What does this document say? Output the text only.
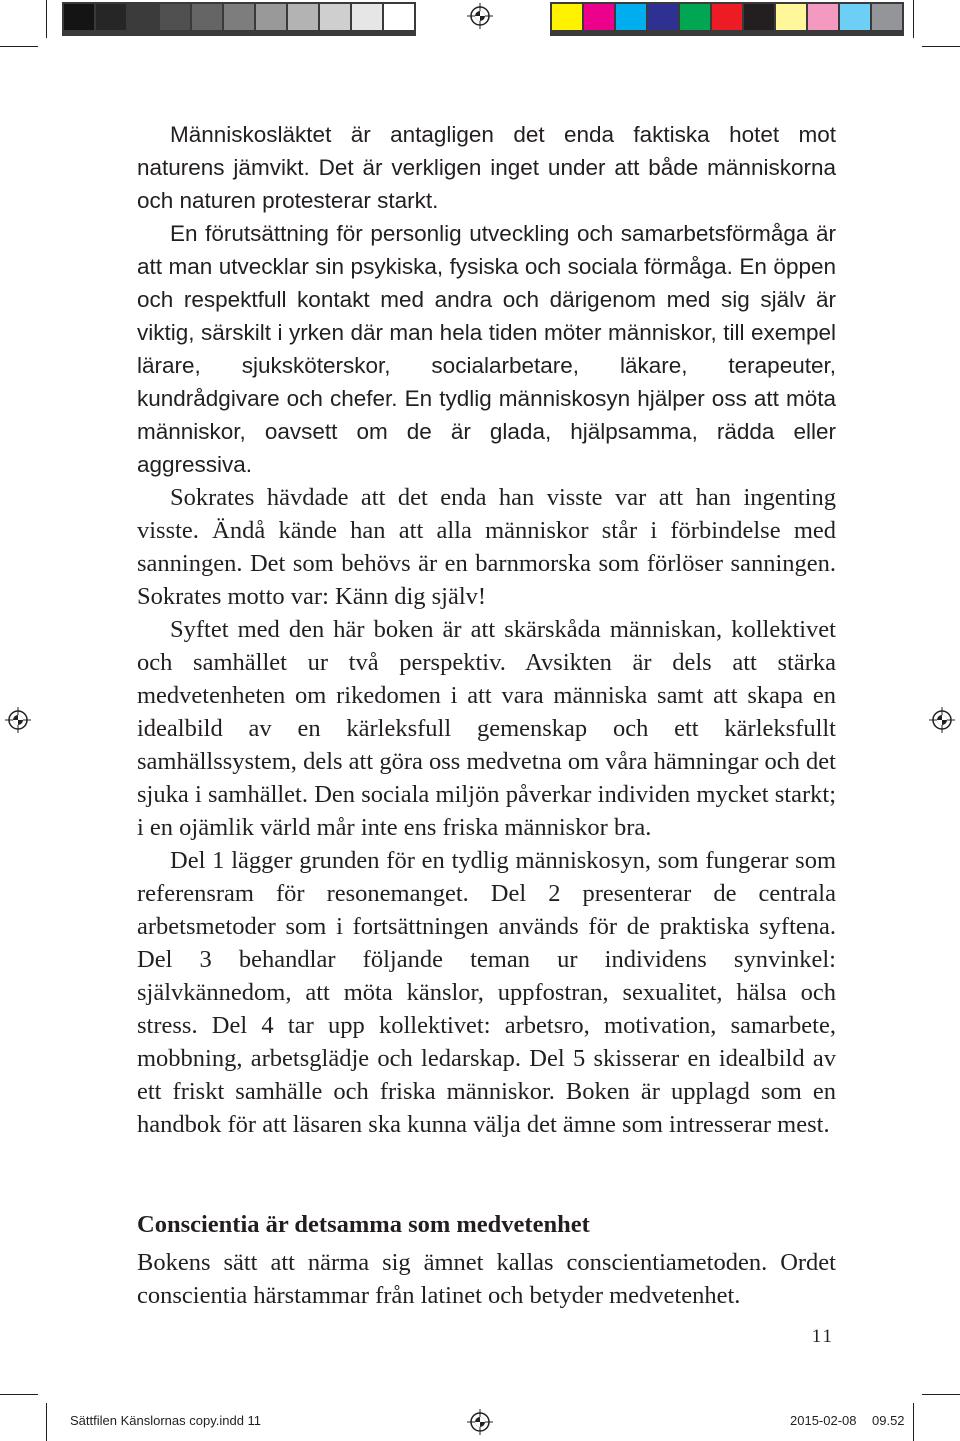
Människosläktet är antagligen det enda faktiska hotet mot naturens jämvikt. Det är verkligen inget under att både människorna och naturen protesterar starkt.

En förutsättning för personlig utveckling och samarbetsförmåga är att man utvecklar sin psykiska, fysiska och sociala förmåga. En öppen och respektfull kontakt med andra och därigenom med sig själv är viktig, särskilt i yrken där man hela tiden möter människor, till exempel lärare, sjuksköterskor, socialarbetare, läkare, terapeuter, kundrådgivare och chefer. En tydlig människosyn hjälper oss att möta människor, oavsett om de är glada, hjälpsamma, rädda eller aggressiva.

Sokrates hävdade att det enda han visste var att han ingenting visste. Ändå kände han att alla människor står i förbindelse med sanningen. Det som behövs är en barnmorska som förlöser sanningen. Sokrates motto var: Känn dig själv!

Syftet med den här boken är att skärskåda människan, kollektivet och samhället ur två perspektiv. Avsikten är dels att stärka medvetenheten om rikedomen i att vara människa samt att skapa en idealbild av en kärleksfull gemenskap och ett kärleksfullt samhällssystem, dels att göra oss medvetna om våra hämningar och det sjuka i samhället. Den sociala miljön påverkar individen mycket starkt; i en ojämlik värld mår inte ens friska människor bra.

Del 1 lägger grunden för en tydlig människosyn, som fungerar som referensram för resonemanget. Del 2 presenterar de centrala arbetsmetoder som i fortsättningen används för de praktiska syftena. Del 3 behandlar följande teman ur individens synvinkel: självkännedom, att möta känslor, uppfostran, sexualitet, hälsa och stress. Del 4 tar upp kollektivet: arbetsro, motivation, samarbete, mobbning, arbetsglädje och ledarskap. Del 5 skisserar en idealbild av ett friskt samhälle och friska människor. Boken är upplagd som en handbok för att läsaren ska kunna välja det ämne som intresserar mest.

Conscientia är detsamma som medvetenhet

Bokens sätt att närma sig ämnet kallas conscientiametoden. Ordet conscientia härstammar från latinet och betyder medvetenhet.

11
Sättfilen Känslornas copy.indd 11	2015-02-08 09.52
